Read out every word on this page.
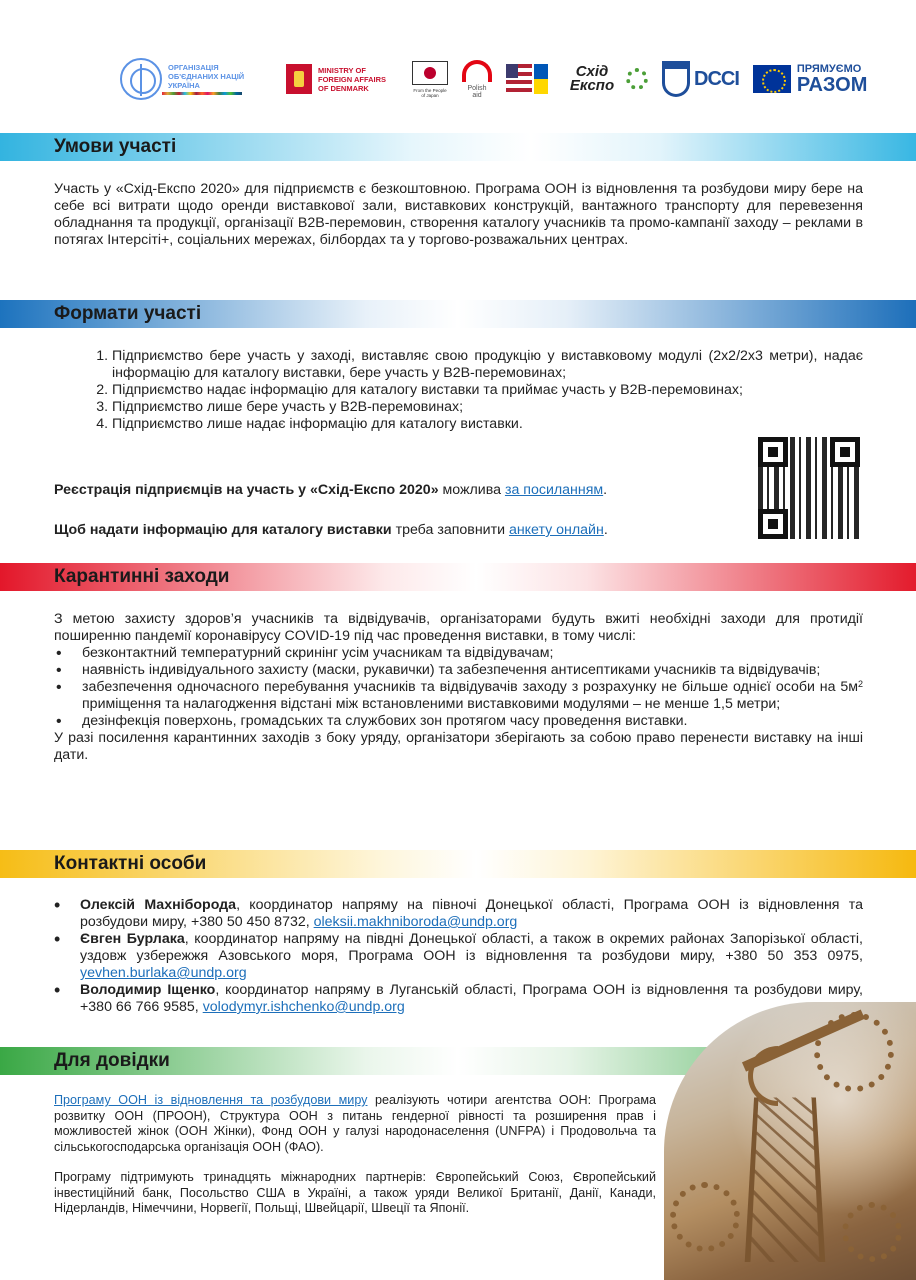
ОРГАНІЗАЦІЯ ОБ'ЄДНАНИХ НАЦІЙ УКРАЇНА
MINISTRY OF FOREIGN AFFAIRS OF DENMARK	From the People of Japan
Polish aid
Схід Експо	DCCI	ПРЯМУЄМО
РАЗОМ
Умови участі

Участь у «Схід-Експо 2020» для підприємств є безкоштовною. Програма ООН із відновлення та розбудови миру бере на себе всі витрати щодо оренди виставкової зали, виставкових конструкцій, вантажного транспорту для перевезення обладнання та продукції, організації B2B-перемовин, створення каталогу учасників та промо-кампанії заходу – реклами в потягах Інтерсіті+, соціальних мережах, білбордах та у торгово-розважальних центрах.

Формати участі
1. Підприємство бере участь у заході, виставляє свою продукцію у виставковому модулі (2х2/2х3 метри), надає інформацію для каталогу виставки, бере участь у B2B-перемовинах;
2. Підприємство надає інформацію для каталогу виставки та приймає участь у B2B-перемовинах;
3. Підприємство лише бере участь у B2B-перемовинах;
4. Підприємство лише надає інформацію для каталогу виставки.

Реєстрація підприємців на участь у «Схід-Експо 2020» можлива за посиланням.

Щоб надати інформацію для каталогу виставки треба заповнити анкету онлайн.

Карантинні заходи

З метою захисту здоров’я учасників та відвідувачів, організаторами будуть вжиті необхідні заходи для протидії поширенню пандемії коронавірусу COVID-19 під час проведення виставки, в тому числі:

• безконтактний температурний скринінг усім учасникам та відвідувачам;
• наявність індивідуального захисту (маски, рукавички) та забезпечення антисептиками учасників та відвідувачів;
• забезпечення одночасного перебування учасників та відвідувачів заходу з розрахунку не більше однієї особи на $5м^2$ приміщення та налагодження відстані між встановленими виставковими модулями – не менше 1,5 метри;
• дезінфекція поверхонь, громадських та службових зон протягом часу проведення виставки.

У разі посилення карантинних заходів з боку уряду, організатори зберігають за собою право перенести виставку на інші дати.

Контактні особи
• Олексій Махніборода, координатор напряму на півночі Донецької області, Програма ООН із відновлення та розбудови миру, +380 50 450 8732, oleksii.makhniboroda@undp.org
• Євген Бурлака, координатор напряму на півдні Донецької області, а також в окремих районах Запорізької області, уздовж узбережжя Азовського моря, Програма ООН із відновлення та розбудови миру, +380 50 353 0975, yevhen.burlaka@undp.org
• Володимир Іщенко, координатор напряму в Луганській області, Програма ООН із відновлення та розбудови миру, +380 66 766 9585, volodymyr.ishchenko@undp.org
Для довідки

Програму ООН із відновлення та розбудови миру реалізують чотири агентства ООН: Програма розвитку ООН (ПРООН), Структура ООН з питань гендерної рівності та розширення прав і можливостей жінок (ООН Жінки), Фонд ООН у галузі народонаселення (UNFPA) і Продовольча та сільськогосподарська організація ООН (ФАО).

Програму підтримують тринадцять міжнародних партнерів: Європейський Союз, Європейський інвестиційний банк, Посольство США в Україні, а також уряди Великої Британії, Данії, Канади, Нідерландів, Німеччини, Норвегії, Польщі, Швейцарії, Швеції та Японії.
